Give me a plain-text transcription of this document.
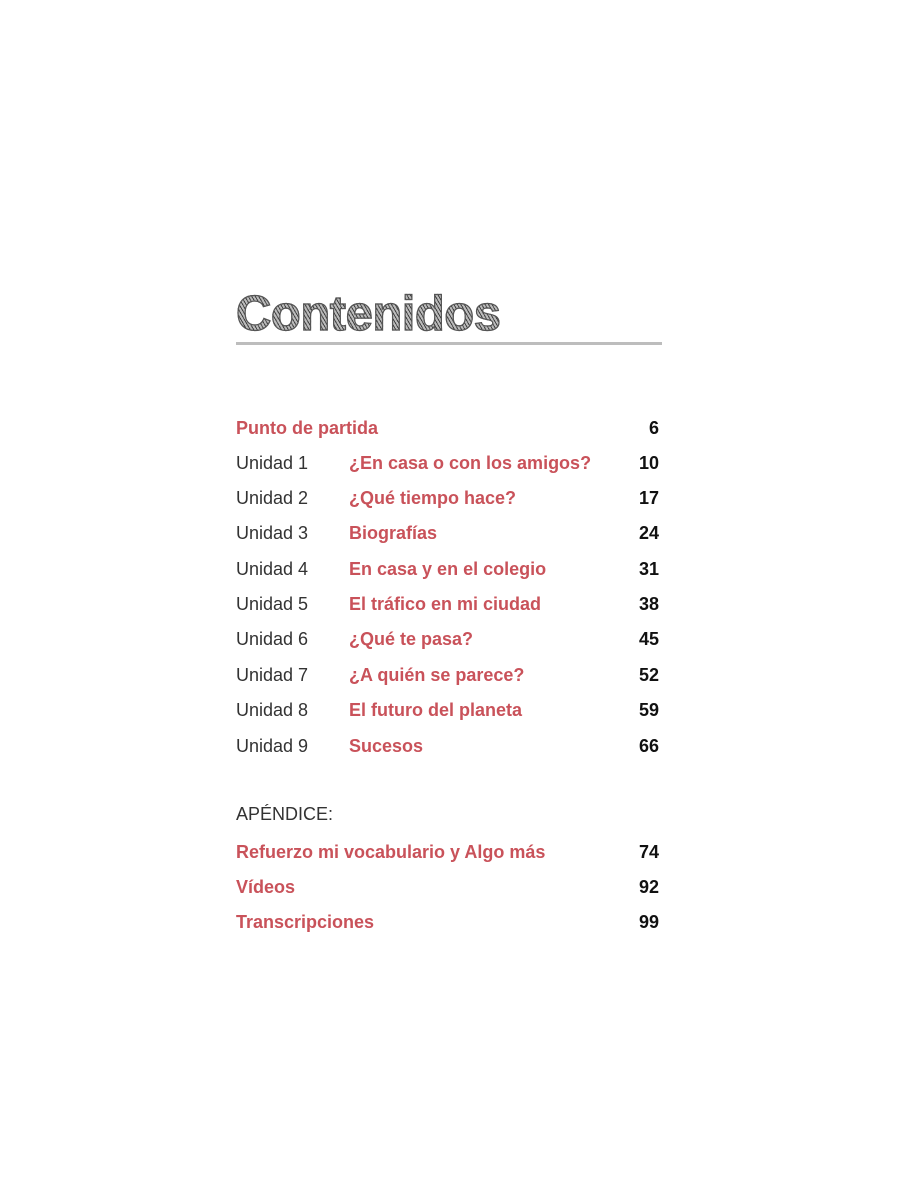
Contenidos
Punto de partida	6
Unidad 1 ¿En casa o con los amigos?	10
Unidad 2 ¿Qué tiempo hace?	17
Unidad 3 Biografías	24
Unidad 4 En casa y en el colegio	31
Unidad 5 El tráfico en mi ciudad	38
Unidad 6 ¿Qué te pasa?	45
Unidad 7 ¿A quién se parece?	52
Unidad 8 El futuro del planeta	59
Unidad 9 Sucesos	66
APÉNDICE:
Refuerzo mi vocabulario y Algo más	74
Vídeos	92
Transcripciones	99
